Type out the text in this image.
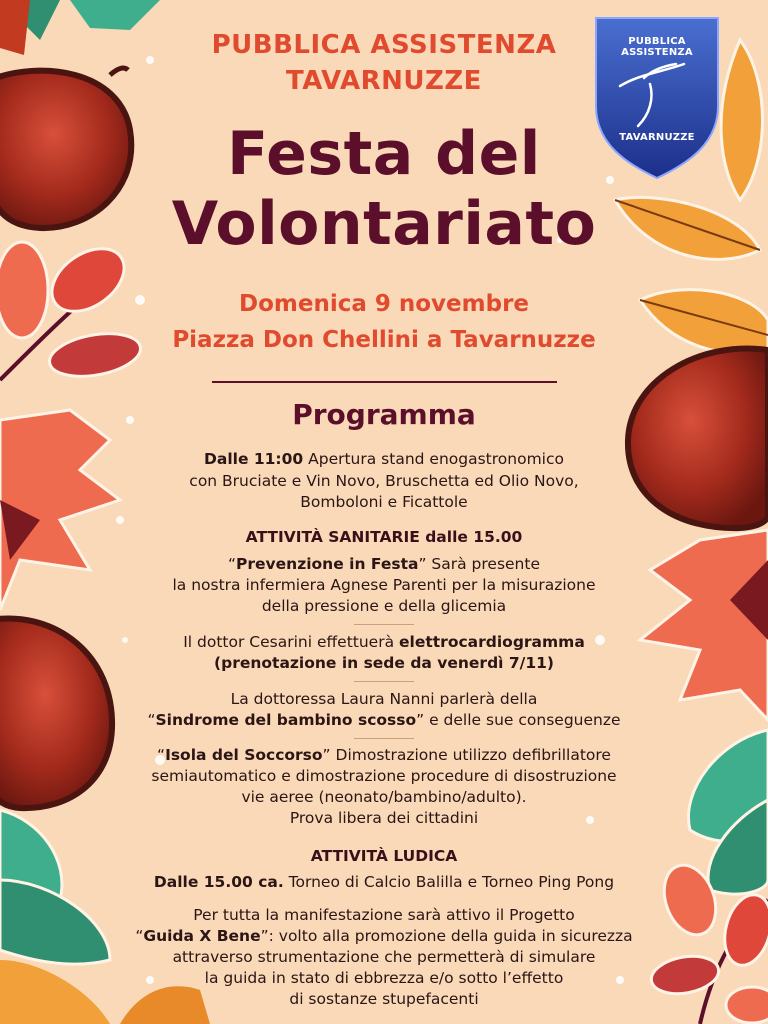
PUBBLICA ASSISTENZA
TAVARNUZZE
PUBBLICA ASSISTENZA
TAVARNUZZE
Festa del
Volontariato
Domenica 9 novembre
Piazza Don Chellini a Tavarnuzze
Programma
Dalle 11:00 Apertura stand enogastronomico
con Bruciate e Vin Novo, Bruschetta ed Olio Novo,
Bomboloni e Ficattole
ATTIVITÀ SANITARIE dalle 15.00
“Prevenzione in Festa” Sarà presente
la nostra infermiera Agnese Parenti per la misurazione
della pressione e della glicemia
Il dottor Cesarini effettuerà elettrocardiogramma
(prenotazione in sede da venerdì 7/11)
La dottoressa Laura Nanni parlerà della
“Sindrome del bambino scosso” e delle sue conseguenze
“Isola del Soccorso” Dimostrazione utilizzo defibrillatore
semiautomatico e dimostrazione procedure di disostruzione
vie aeree (neonato/bambino/adulto).
Prova libera dei cittadini
ATTIVITÀ LUDICA
Dalle 15.00 ca. Torneo di Calcio Balilla e Torneo Ping Pong
Per tutta la manifestazione sarà attivo il Progetto
“Guida X Bene”: volto alla promozione della guida in sicurezza
attraverso strumentazione che permetterà di simulare
la guida in stato di ebbrezza e/o sotto l’effetto
di sostanze stupefacenti
